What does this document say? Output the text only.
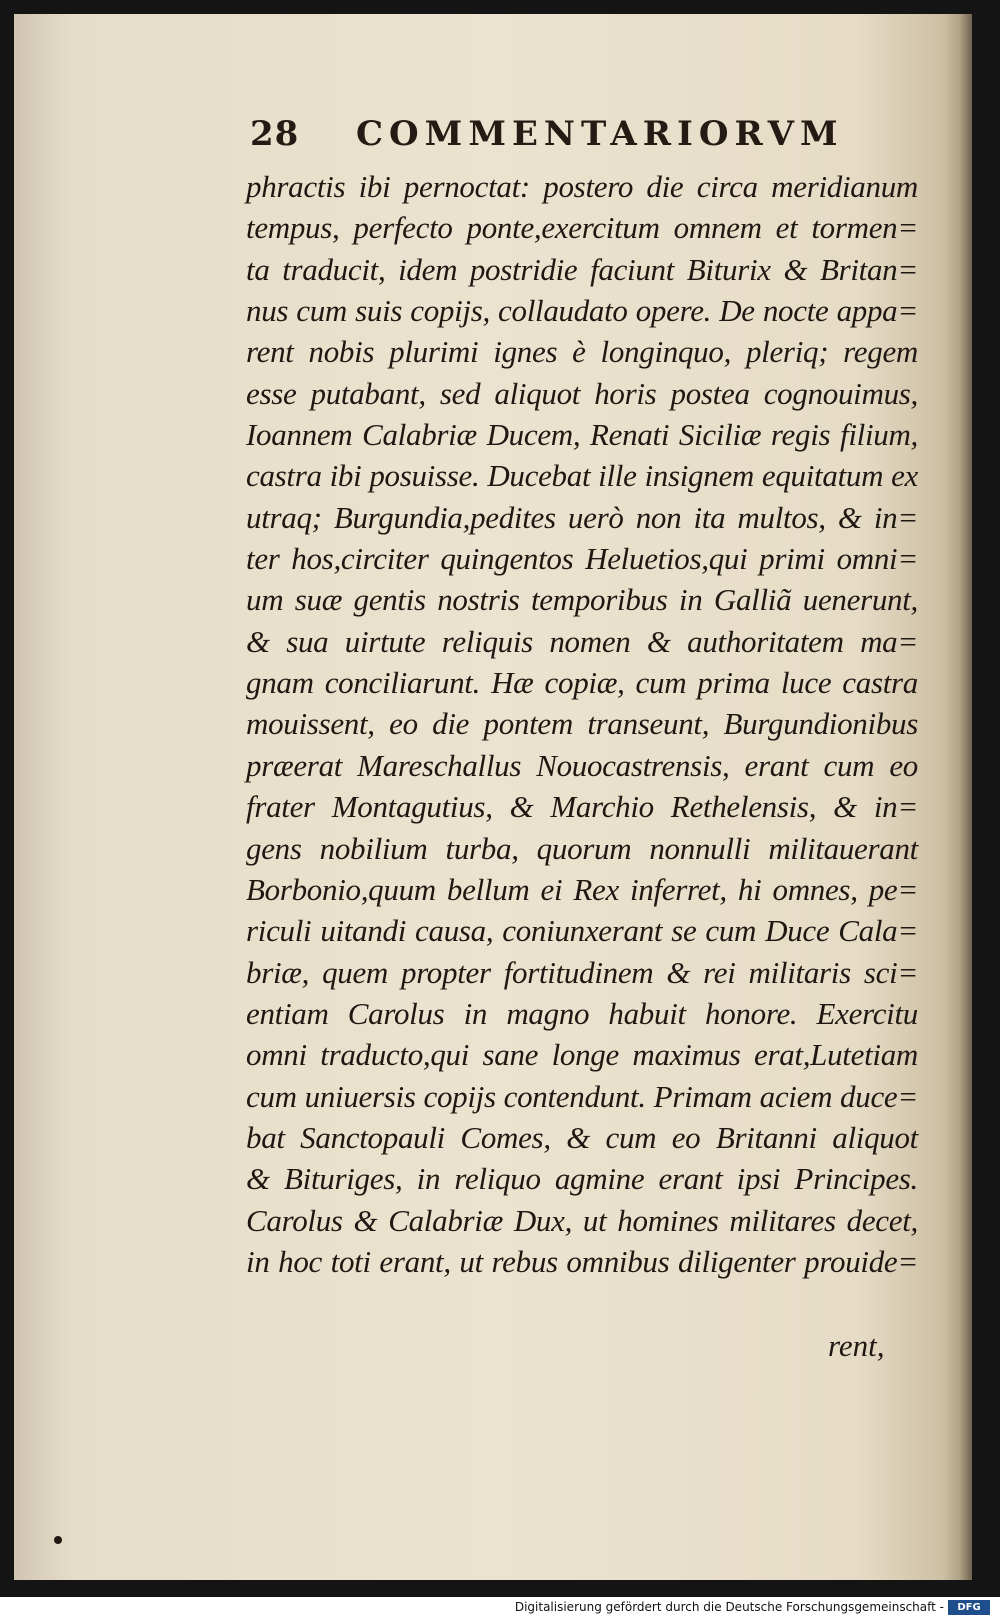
28 COMMENTARIORVM
phractis ibi pernoctat: postero die circa meridianum
tempus, perfecto ponte,exercitum omnem et tormen=
ta traducit, idem postridie faciunt Biturix & Britan=
nus cum suis copijs, collaudato opere. De nocte appa=
rent nobis plurimi ignes è longinquo, pleriq; regem
esse putabant, sed aliquot horis postea cognouimus,
Ioannem Calabriæ Ducem, Renati Siciliæ regis filium,
castra ibi posuisse. Ducebat ille insignem equitatum ex
utraq; Burgundia,pedites uerò non ita multos, & in=
ter hos,circiter quingentos Heluetios,qui primi omni=
um suæ gentis nostris temporibus in Galliã uenerunt,
& sua uirtute reliquis nomen & authoritatem ma=
gnam conciliarunt. Hæ copiæ, cum prima luce castra
mouissent, eo die pontem transeunt, Burgundionibus
præerat Mareschallus Nouocastrensis, erant cum eo
frater Montagutius, & Marchio Rethelensis, & in=
gens nobilium turba, quorum nonnulli militauerant
Borbonio,quum bellum ei Rex inferret, hi omnes, pe=
riculi uitandi causa, coniunxerant se cum Duce Cala=
briæ, quem propter fortitudinem & rei militaris sci=
entiam Carolus in magno habuit honore. Exercitu
omni traducto,qui sane longe maximus erat,Lutetiam
cum uniuersis copijs contendunt. Primam aciem duce=
bat Sanctopauli Comes, & cum eo Britanni aliquot
& Bituriges, in reliquo agmine erant ipsi Principes.
Carolus & Calabriæ Dux, ut homines militares decet,
in hoc toti erant, ut rebus omnibus diligenter prouide=
rent,
Digitalisierung gefördert durch die Deutsche Forschungsgemeinschaft -	DFG
